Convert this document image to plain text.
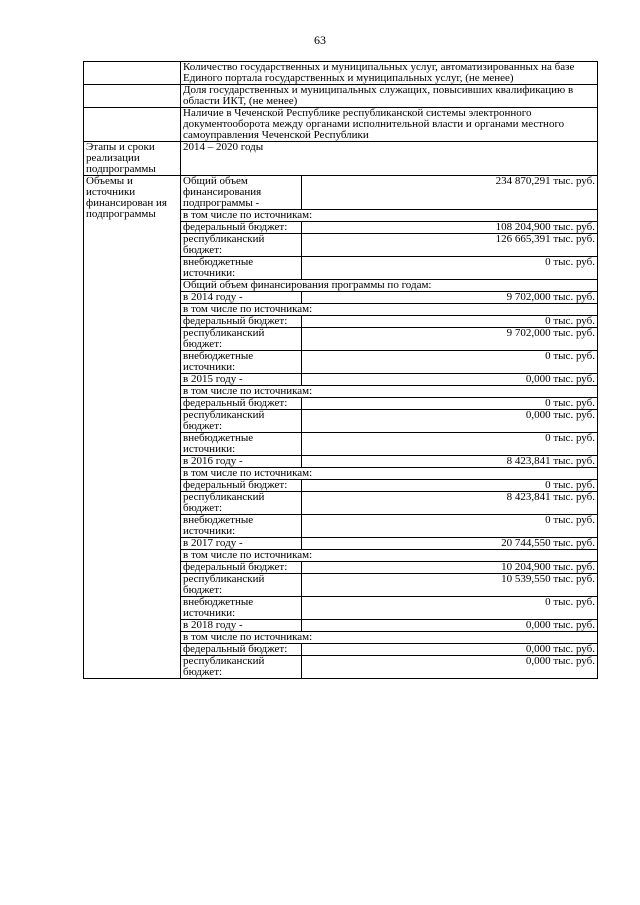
63
	Количество государственных и муниципальных услуг, автоматизированных на базе Единого портала государственных и муниципальных услуг, (не менее)	
	Доля государственных и муниципальных служащих, повысивших квалификацию в области ИКТ, (не менее)	
	Наличие в Чеченской Республике республиканской системы электронного документооборота между органами исполнительной власти и органами местного самоуправления Чеченской Республики	
Этапы и сроки реализации подпрограммы	2014 – 2020 годы	
Объемы и источники финансирован ия подпрограммы	Общий объем финансирования подпрограммы -	234 870,291 тыс. руб.
	в том числе по источникам:	
	федеральный бюджет:	108 204,900 тыс. руб.
	республиканский бюджет:	126 665,391 тыс. руб.
	внебюджетные источники:	0 тыс. руб.
	Общий объем финансирования программы по годам:	
	в 2014 году -	9 702,000 тыс. руб.
	в том числе по источникам:	
	федеральный бюджет:	0 тыс. руб.
	республиканский бюджет:	9 702,000 тыс. руб.
	внебюджетные источники:	0 тыс. руб.
	в 2015 году -	0,000 тыс. руб.
	в том числе по источникам:	
	федеральный бюджет:	0 тыс. руб.
	республиканский бюджет:	0,000 тыс. руб.
	внебюджетные источники:	0 тыс. руб.
	в 2016 году -	8 423,841 тыс. руб.
	в том числе по источникам:	
	федеральный бюджет:	0 тыс. руб.
	республиканский бюджет:	8 423,841 тыс. руб.
	внебюджетные источники:	0 тыс. руб.
	в 2017 году -	20 744,550 тыс. руб.
	в том числе по источникам:	
	федеральный бюджет:	10 204,900 тыс. руб.
	республиканский бюджет:	10 539,550 тыс. руб.
	внебюджетные источники:	0 тыс. руб.
	в 2018 году -	0,000 тыс. руб.
	в том числе по источникам:	
	федеральный бюджет:	0,000 тыс. руб.
	республиканский бюджет:	0,000 тыс. руб.
